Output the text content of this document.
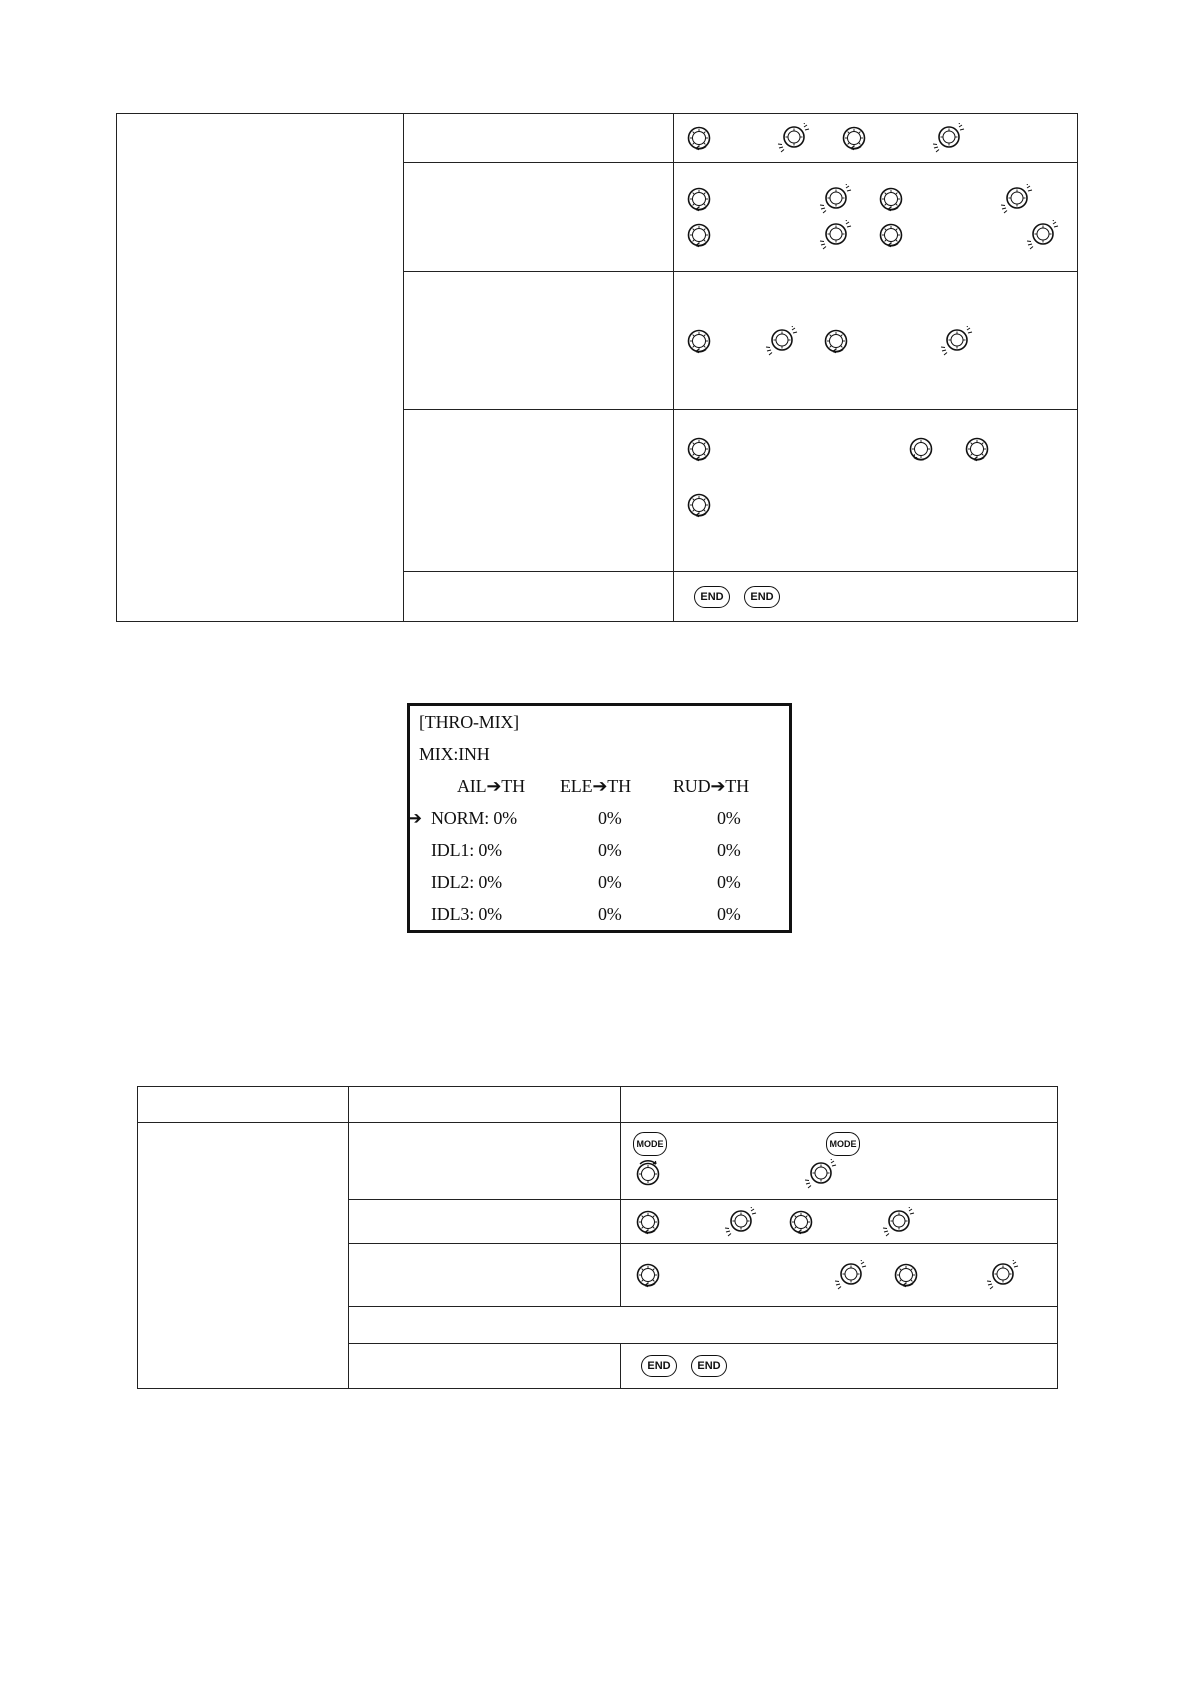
		END END
[THRO-MIX]
MIX:INH
AIL➔TH ELE➔TH RUD➔TH
➔ NORM: 0%	0%	0%
IDL1: 0%	0%	0%
IDL2: 0%	0%	0%
IDL3: 0%	0%	0%

		MODE MODE

		END END
